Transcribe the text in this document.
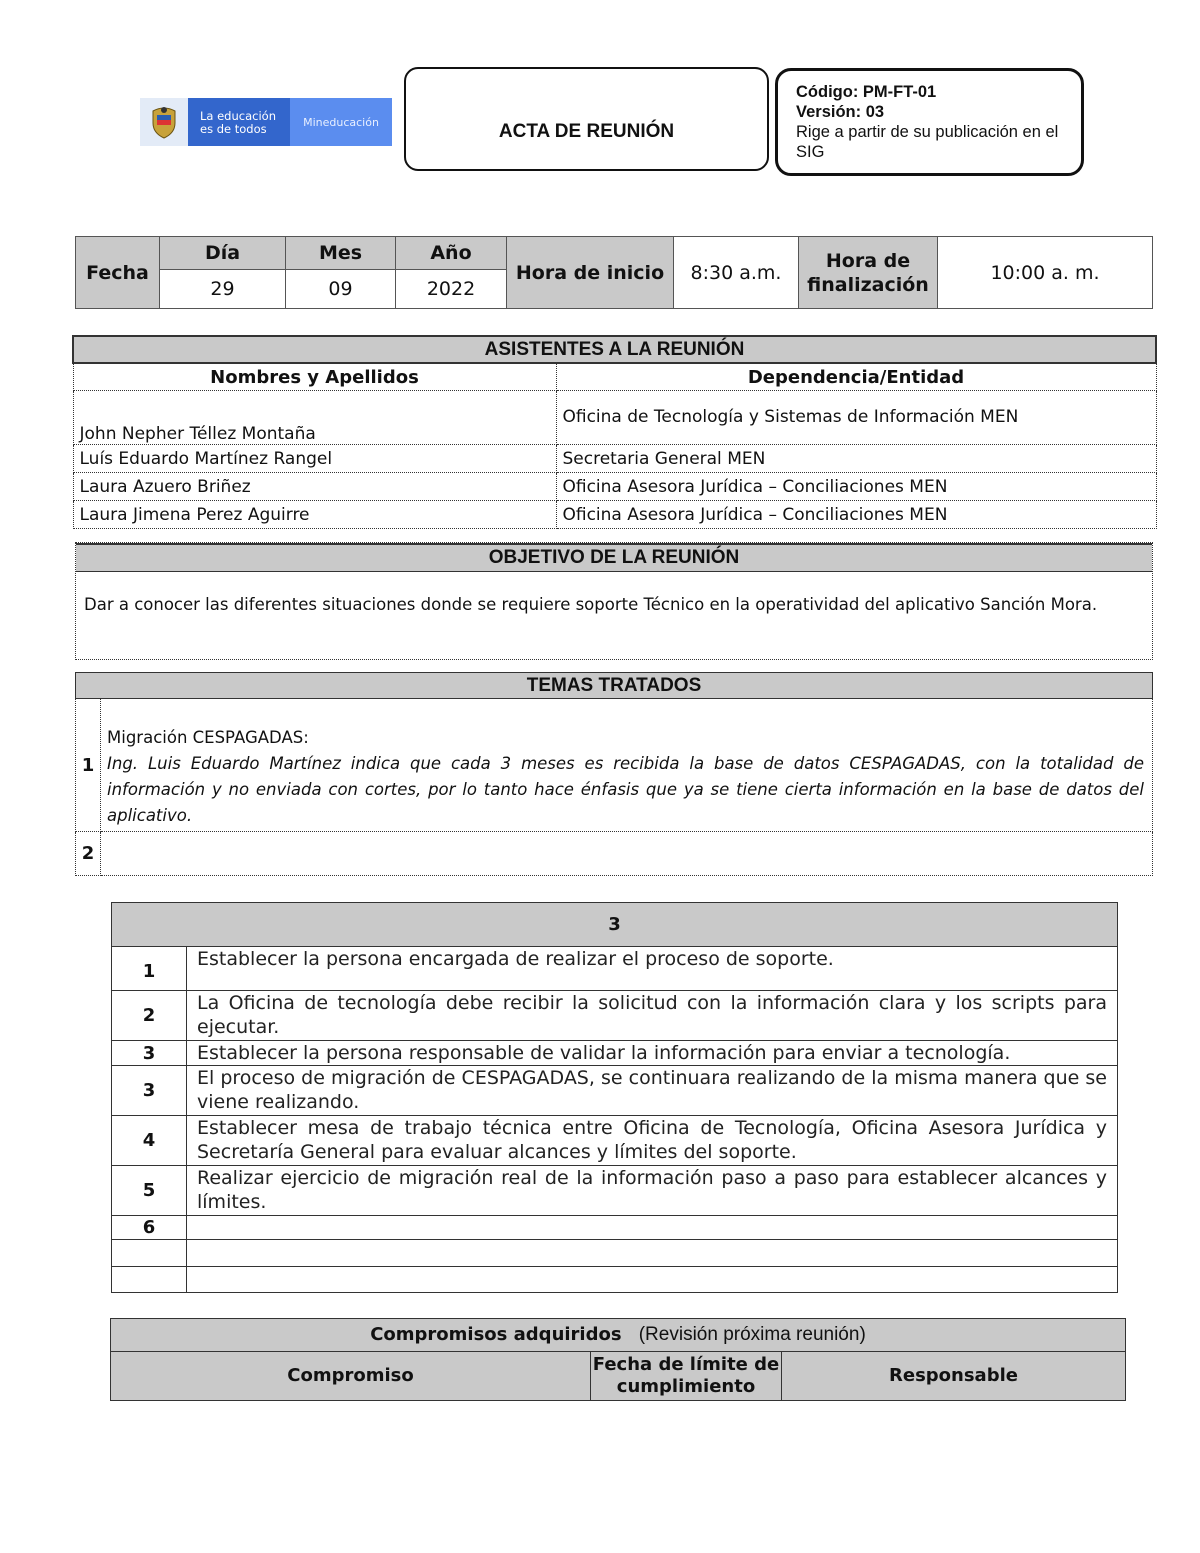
La educación
es de todos	Mineducación	ACTA DE REUNIÓN
Código: PM-FT-01
Versión: 03
Rige a partir de su publicación en el SIG
Fecha	Día	Mes	Año	Hora de inicio	8:30 a.m.	Hora de finalización	10:00 a. m.
	29	09	2022				
ASISTENTES A LA REUNIÓN	
Nombres y Apellidos	Dependencia/Entidad
John Nepher Téllez Montaña	Oficina de Tecnología y Sistemas de Información MEN
Luís Eduardo Martínez Rangel	Secretaria General MEN
Laura Azuero Briñez	Oficina Asesora Jurídica – Conciliaciones MEN
Laura Jimena Perez Aguirre	Oficina Asesora Jurídica – Conciliaciones MEN
OBJETIVO DE LA REUNIÓN
Dar a conocer las diferentes situaciones donde se requiere soporte Técnico en la operatividad del aplicativo Sanción Mora.
TEMAS TRATADOS	
1	Migración CESPAGADAS:
Ing. Luis Eduardo Martínez indica que cada 3 meses es recibida la base de datos CESPAGADAS, con la totalidad de información y no enviada con cortes, por lo tanto hace énfasis que ya se tiene cierta información en la base de datos del aplicativo.
2	
3	
1	Establecer la persona encargada de realizar el proceso de soporte.
2	La Oficina de tecnología debe recibir la solicitud con la información clara y los scripts para ejecutar.
3	Establecer la persona responsable de validar la información para enviar a tecnología.
3	El proceso de migración de CESPAGADAS, se continuara realizando de la misma manera que se viene realizando.
4	Establecer mesa de trabajo técnica entre Oficina de Tecnología, Oficina Asesora Jurídica y Secretaría General para evaluar alcances y límites del soporte.
5	Realizar ejercicio de migración real de la información paso a paso para establecer alcances y límites.
6	

Compromisos adquiridos (Revisión próxima reunión)
Compromiso	Fecha de límite de cumplimiento	Responsable
